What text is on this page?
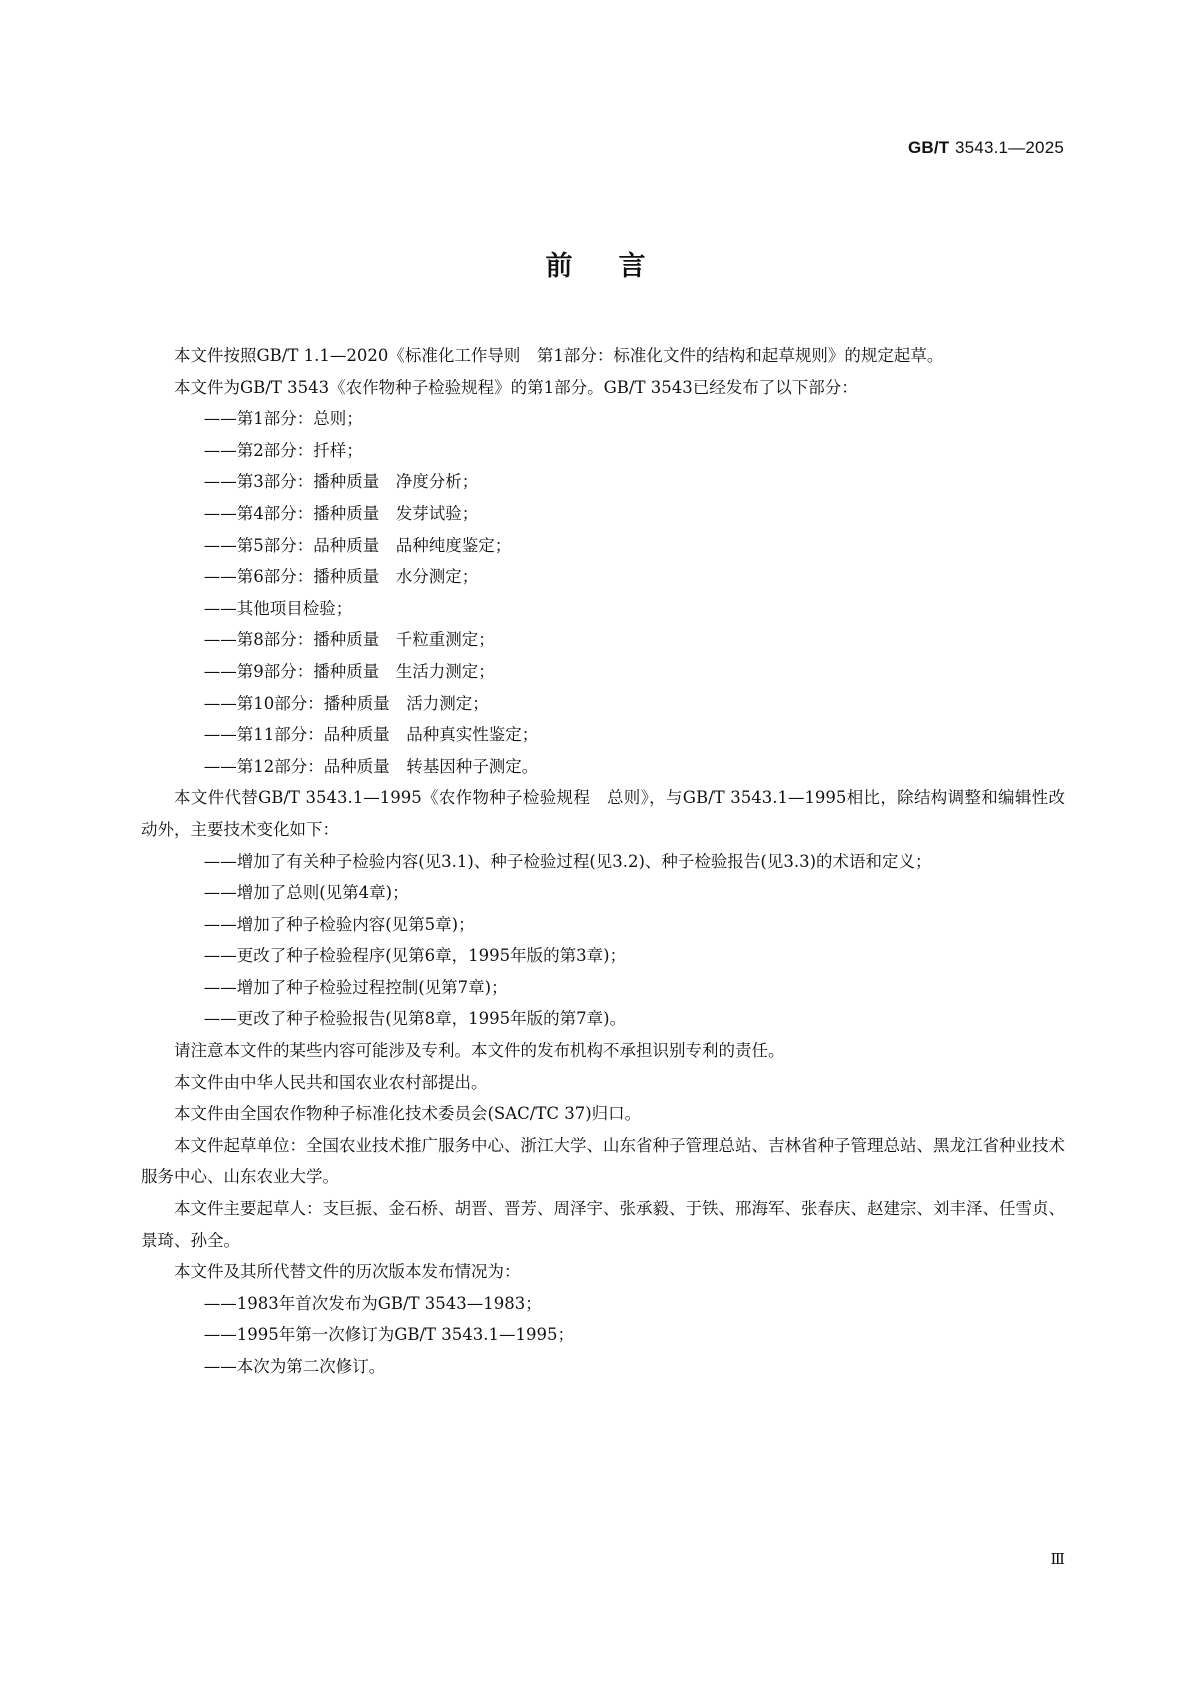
GB/T 3543.1—2025
前言

本文件按照GB/T 1.1—2020《标准化工作导则　第1部分：标准化文件的结构和起草规则》的规定起草。

本文件为GB/T 3543《农作物种子检验规程》的第1部分。GB/T 3543已经发布了以下部分：

——第1部分：总则；

——第2部分：扦样；

——第3部分：播种质量　净度分析；

——第4部分：播种质量　发芽试验；

——第5部分：品种质量　品种纯度鉴定；

——第6部分：播种质量　水分测定；

——其他项目检验；

——第8部分：播种质量　千粒重测定；

——第9部分：播种质量　生活力测定；

——第10部分：播种质量　活力测定；

——第11部分：品种质量　品种真实性鉴定；

——第12部分：品种质量　转基因种子测定。

本文件代替GB/T 3543.1—1995《农作物种子检验规程　总则》，与GB/T 3543.1—1995相比，除结构调整和编辑性改动外，主要技术变化如下：

——增加了有关种子检验内容(见3.1)、种子检验过程(见3.2)、种子检验报告(见3.3)的术语和定义；

——增加了总则(见第4章)；

——增加了种子检验内容(见第5章)；

——更改了种子检验程序(见第6章，1995年版的第3章)；

——增加了种子检验过程控制(见第7章)；

——更改了种子检验报告(见第8章，1995年版的第7章)。

请注意本文件的某些内容可能涉及专利。本文件的发布机构不承担识别专利的责任。

本文件由中华人民共和国农业农村部提出。

本文件由全国农作物种子标准化技术委员会(SAC/TC 37)归口。

本文件起草单位：全国农业技术推广服务中心、浙江大学、山东省种子管理总站、吉林省种子管理总站、黑龙江省种业技术服务中心、山东农业大学。

本文件主要起草人：支巨振、金石桥、胡晋、晋芳、周泽宇、张承毅、于铁、邢海军、张春庆、赵建宗、刘丰泽、任雪贞、景琦、孙全。

本文件及其所代替文件的历次版本发布情况为：

——1983年首次发布为GB/T 3543—1983；

——1995年第一次修订为GB/T 3543.1—1995；

——本次为第二次修订。

Ⅲ
